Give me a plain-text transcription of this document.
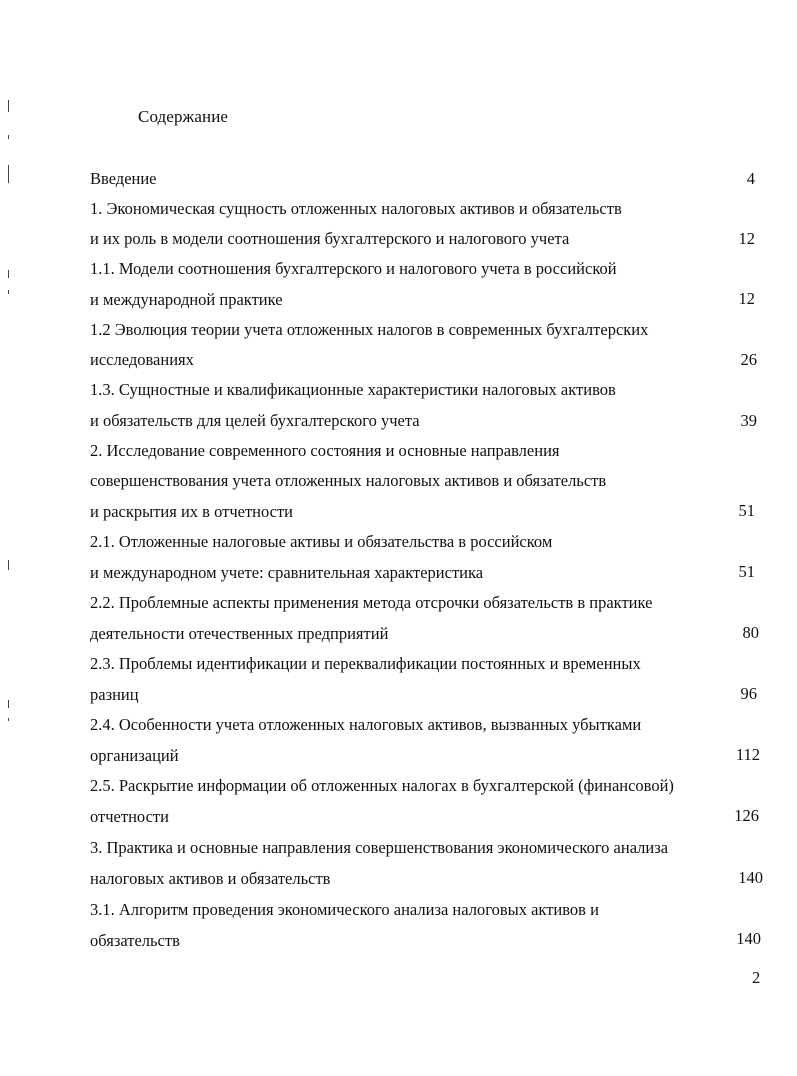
Содержание
Введение	4
1. Экономическая сущность отложенных налоговых активов и обязательств
и их роль в модели соотношения бухгалтерского и налогового учета	12
1.1. Модели соотношения бухгалтерского и налогового учета в российской
и международной практике	12
1.2 Эволюция теории учета отложенных налогов в современных бухгалтерских
исследованиях	26
1.3. Сущностные и квалификационные характеристики налоговых активов
и обязательств для целей бухгалтерского учета	39
2. Исследование современного состояния и основные направления
совершенствования учета отложенных налоговых активов и обязательств
и раскрытия их в отчетности	51
2.1. Отложенные налоговые активы и обязательства в российском
и международном учете: сравнительная характеристика	51
2.2. Проблемные аспекты применения метода отсрочки обязательств в практике
деятельности отечественных предприятий	80
2.3. Проблемы идентификации и переквалификации постоянных и временных
разниц	96
2.4. Особенности учета отложенных налоговых активов, вызванных убытками
организаций	112
2.5. Раскрытие информации об отложенных налогах в бухгалтерской (финансовой)
отчетности	126
3. Практика и основные направления совершенствования экономического анализа
налоговых активов и обязательств	140
3.1. Алгоритм проведения экономического анализа налоговых активов и
обязательств	140
2
